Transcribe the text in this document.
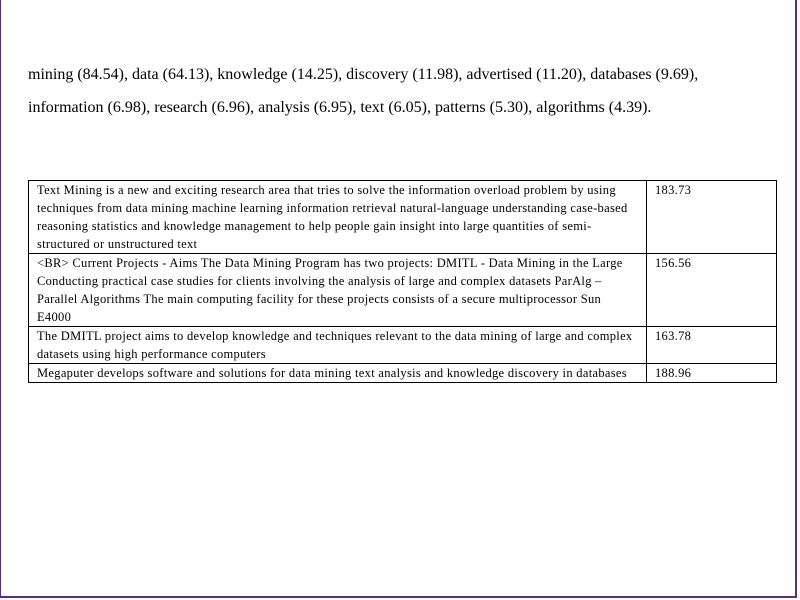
mining (84.54), data (64.13), knowledge (14.25), discovery (11.98), advertised (11.20), databases (9.69), information (6.98), research (6.96), analysis (6.95), text (6.05), patterns (5.30), algorithms (4.39).

Text Mining is a new and exciting research area that tries to solve the information overload problem by using techniques from data mining machine learning information retrieval natural-language understanding case-based reasoning statistics and knowledge management to help people gain insight into large quantities of semi-structured or unstructured text	183.73
<BR> Current Projects - Aims The Data Mining Program has two projects: DMITL - Data Mining in the Large Conducting practical case studies for clients involving the analysis of large and complex datasets ParAlg – Parallel Algorithms The main computing facility for these projects consists of a secure multiprocessor Sun E4000	156.56
The DMITL project aims to develop knowledge and techniques relevant to the data mining of large and complex datasets using high performance computers	163.78
Megaputer develops software and solutions for data mining text analysis and knowledge discovery in databases	188.96
